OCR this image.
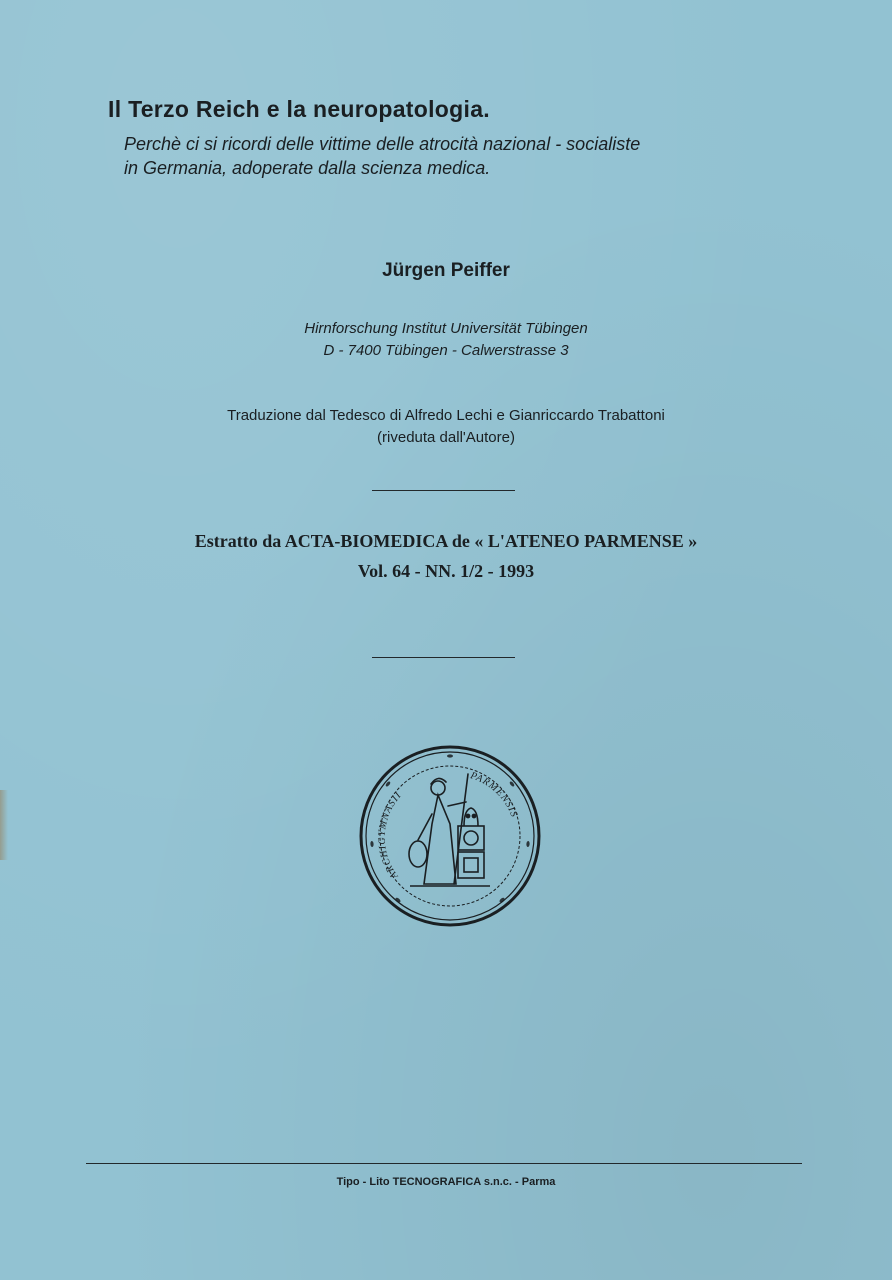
Il Terzo Reich e la neuropatologia.
Perchè ci si ricordi delle vittime delle atrocità nazional - socialiste
in Germania, adoperate dalla scienza medica.
Jürgen Peiffer
Hirnforschung Institut Universität Tübingen
D - 7400 Tübingen - Calwerstrasse 3
Traduzione dal Tedesco di Alfredo Lechi e Gianriccardo Trabattoni
(riveduta dall'Autore)
Estratto da ACTA-BIOMEDICA de « L'ATENEO PARMENSE »
Vol. 64 - NN. 1/2 - 1993
ARCHIGYMNASII
PARMENSIS
Tipo - Lito TECNOGRAFICA s.n.c. - Parma
